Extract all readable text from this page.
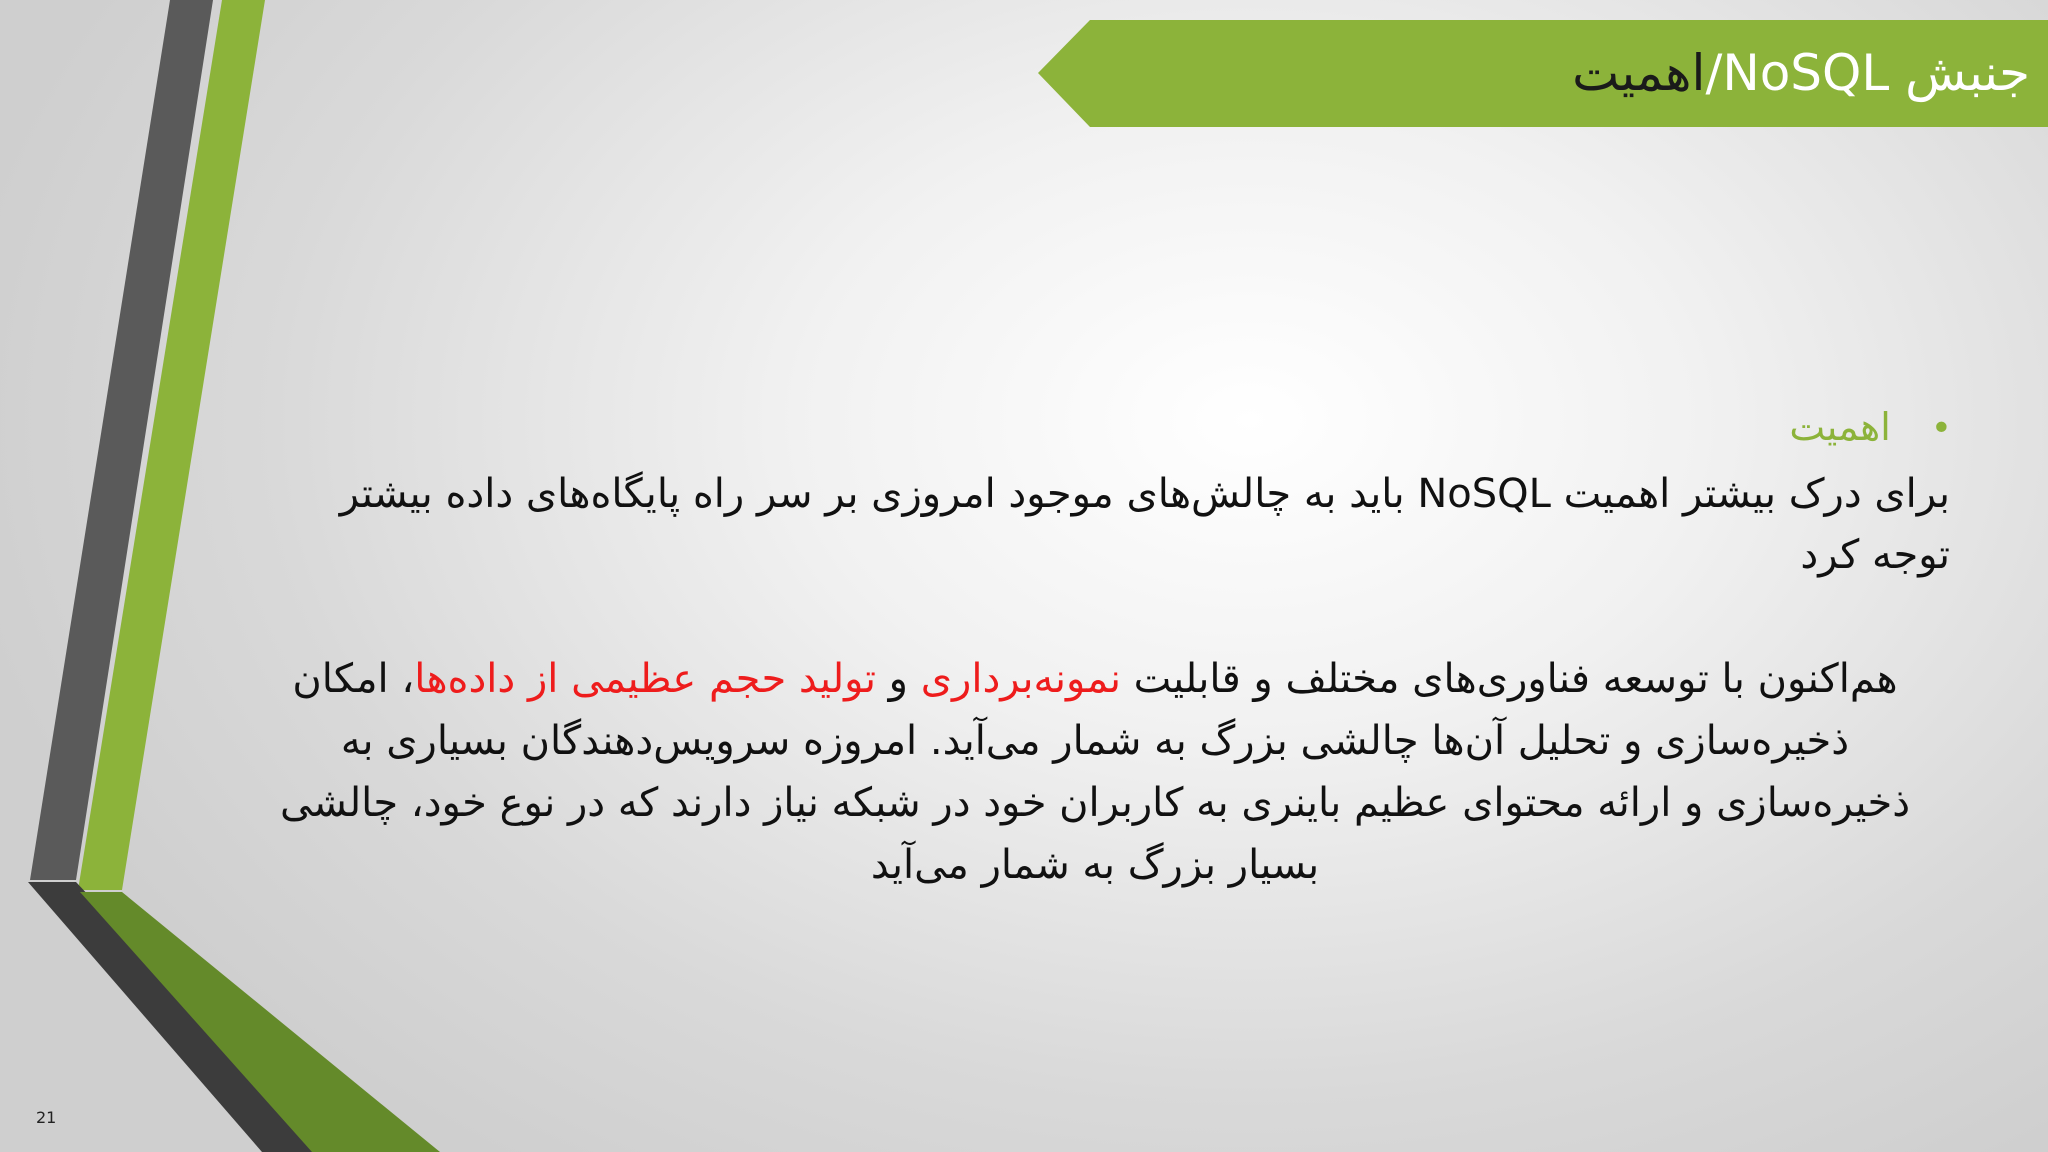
جنبش NoSQL/اهمیت
•اهمیت
برای درک بیشتر اهمیت NoSQL باید به چالش‌های موجود امروزی بر سر راه پایگاه‌های داده بیشتر توجه کرد
هم‌اکنون با توسعه فناوری‌های مختلف و قابلیت نمونه‌برداری و تولید حجم عظیمی از داده‌ها، امکان ذخیره‌سازی و تحلیل آن‌ها چالشی بزرگ به شمار می‌آید. امروزه سرویس‌دهندگان بسیاری به ذخیره‌سازی و ارائه محتوای عظیم باینری به کاربران خود در شبکه نیاز دارند که در نوع خود، چالشی بسیار بزرگ به شمار می‌آید
21
